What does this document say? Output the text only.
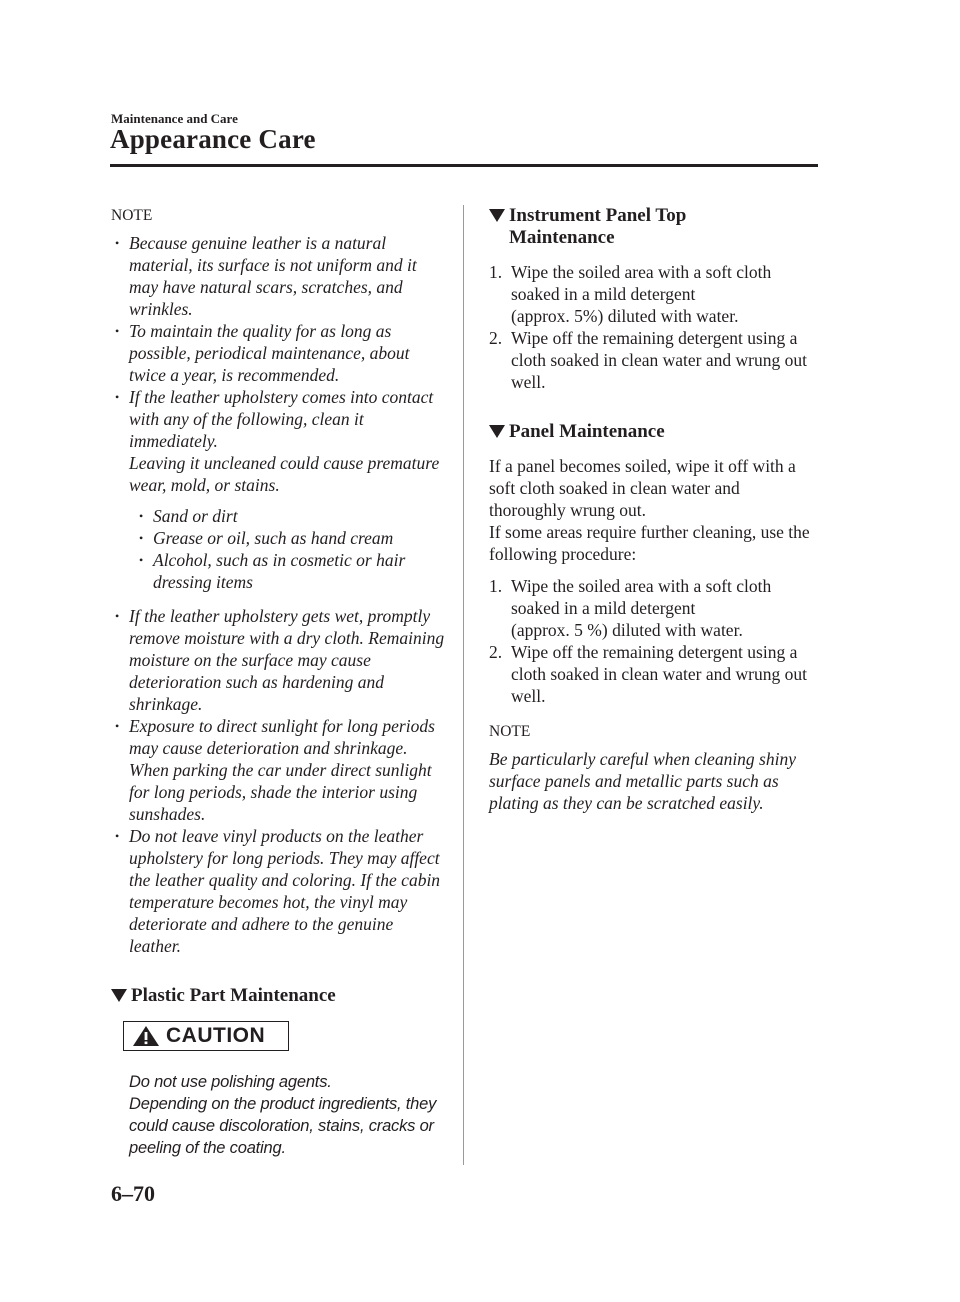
Maintenance and Care
Appearance Care
NOTE

• Because genuine leather is a natural material, its surface is not uniform and it may have natural scars, scratches, and wrinkles.

• To maintain the quality for as long as possible, periodical maintenance, about twice a year, is recommended.

• If the leather upholstery comes into contact with any of the following, clean it immediately.

Leaving it uncleaned could cause premature wear, mold, or stains.

• Sand or dirt
• Grease or oil, such as hand cream
• Alcohol, such as in cosmetic or hair dressing items

• If the leather upholstery gets wet, promptly remove moisture with a dry cloth. Remaining moisture on the surface may cause deterioration such as hardening and shrinkage.

• Exposure to direct sunlight for long periods may cause deterioration and shrinkage. When parking the car under direct sunlight for long periods, shade the interior using sunshades.

• Do not leave vinyl products on the leather upholstery for long periods. They may affect the leather quality and coloring. If the cabin temperature becomes hot, the vinyl may deteriorate and adhere to the genuine leather.

Plastic Part Maintenance
CAUTION

Do not use polishing agents.

Depending on the product ingredients, they could cause discoloration, stains, cracks or peeling of the coating.

Instrument Panel Top
Maintenance
1. Wipe the soiled area with a soft cloth soaked in a mild detergent
(approx. 5%) diluted with water.
2. Wipe off the remaining detergent using a cloth soaked in clean water and wrung out well.
Panel Maintenance

If a panel becomes soiled, wipe it off with a soft cloth soaked in clean water and thoroughly wrung out.

If some areas require further cleaning, use the following procedure:

1. Wipe the soiled area with a soft cloth soaked in a mild detergent
(approx. 5 %) diluted with water.
2. Wipe off the remaining detergent using a cloth soaked in clean water and wrung out well.
NOTE

Be particularly careful when cleaning shiny surface panels and metallic parts such as plating as they can be scratched easily.

6–70
